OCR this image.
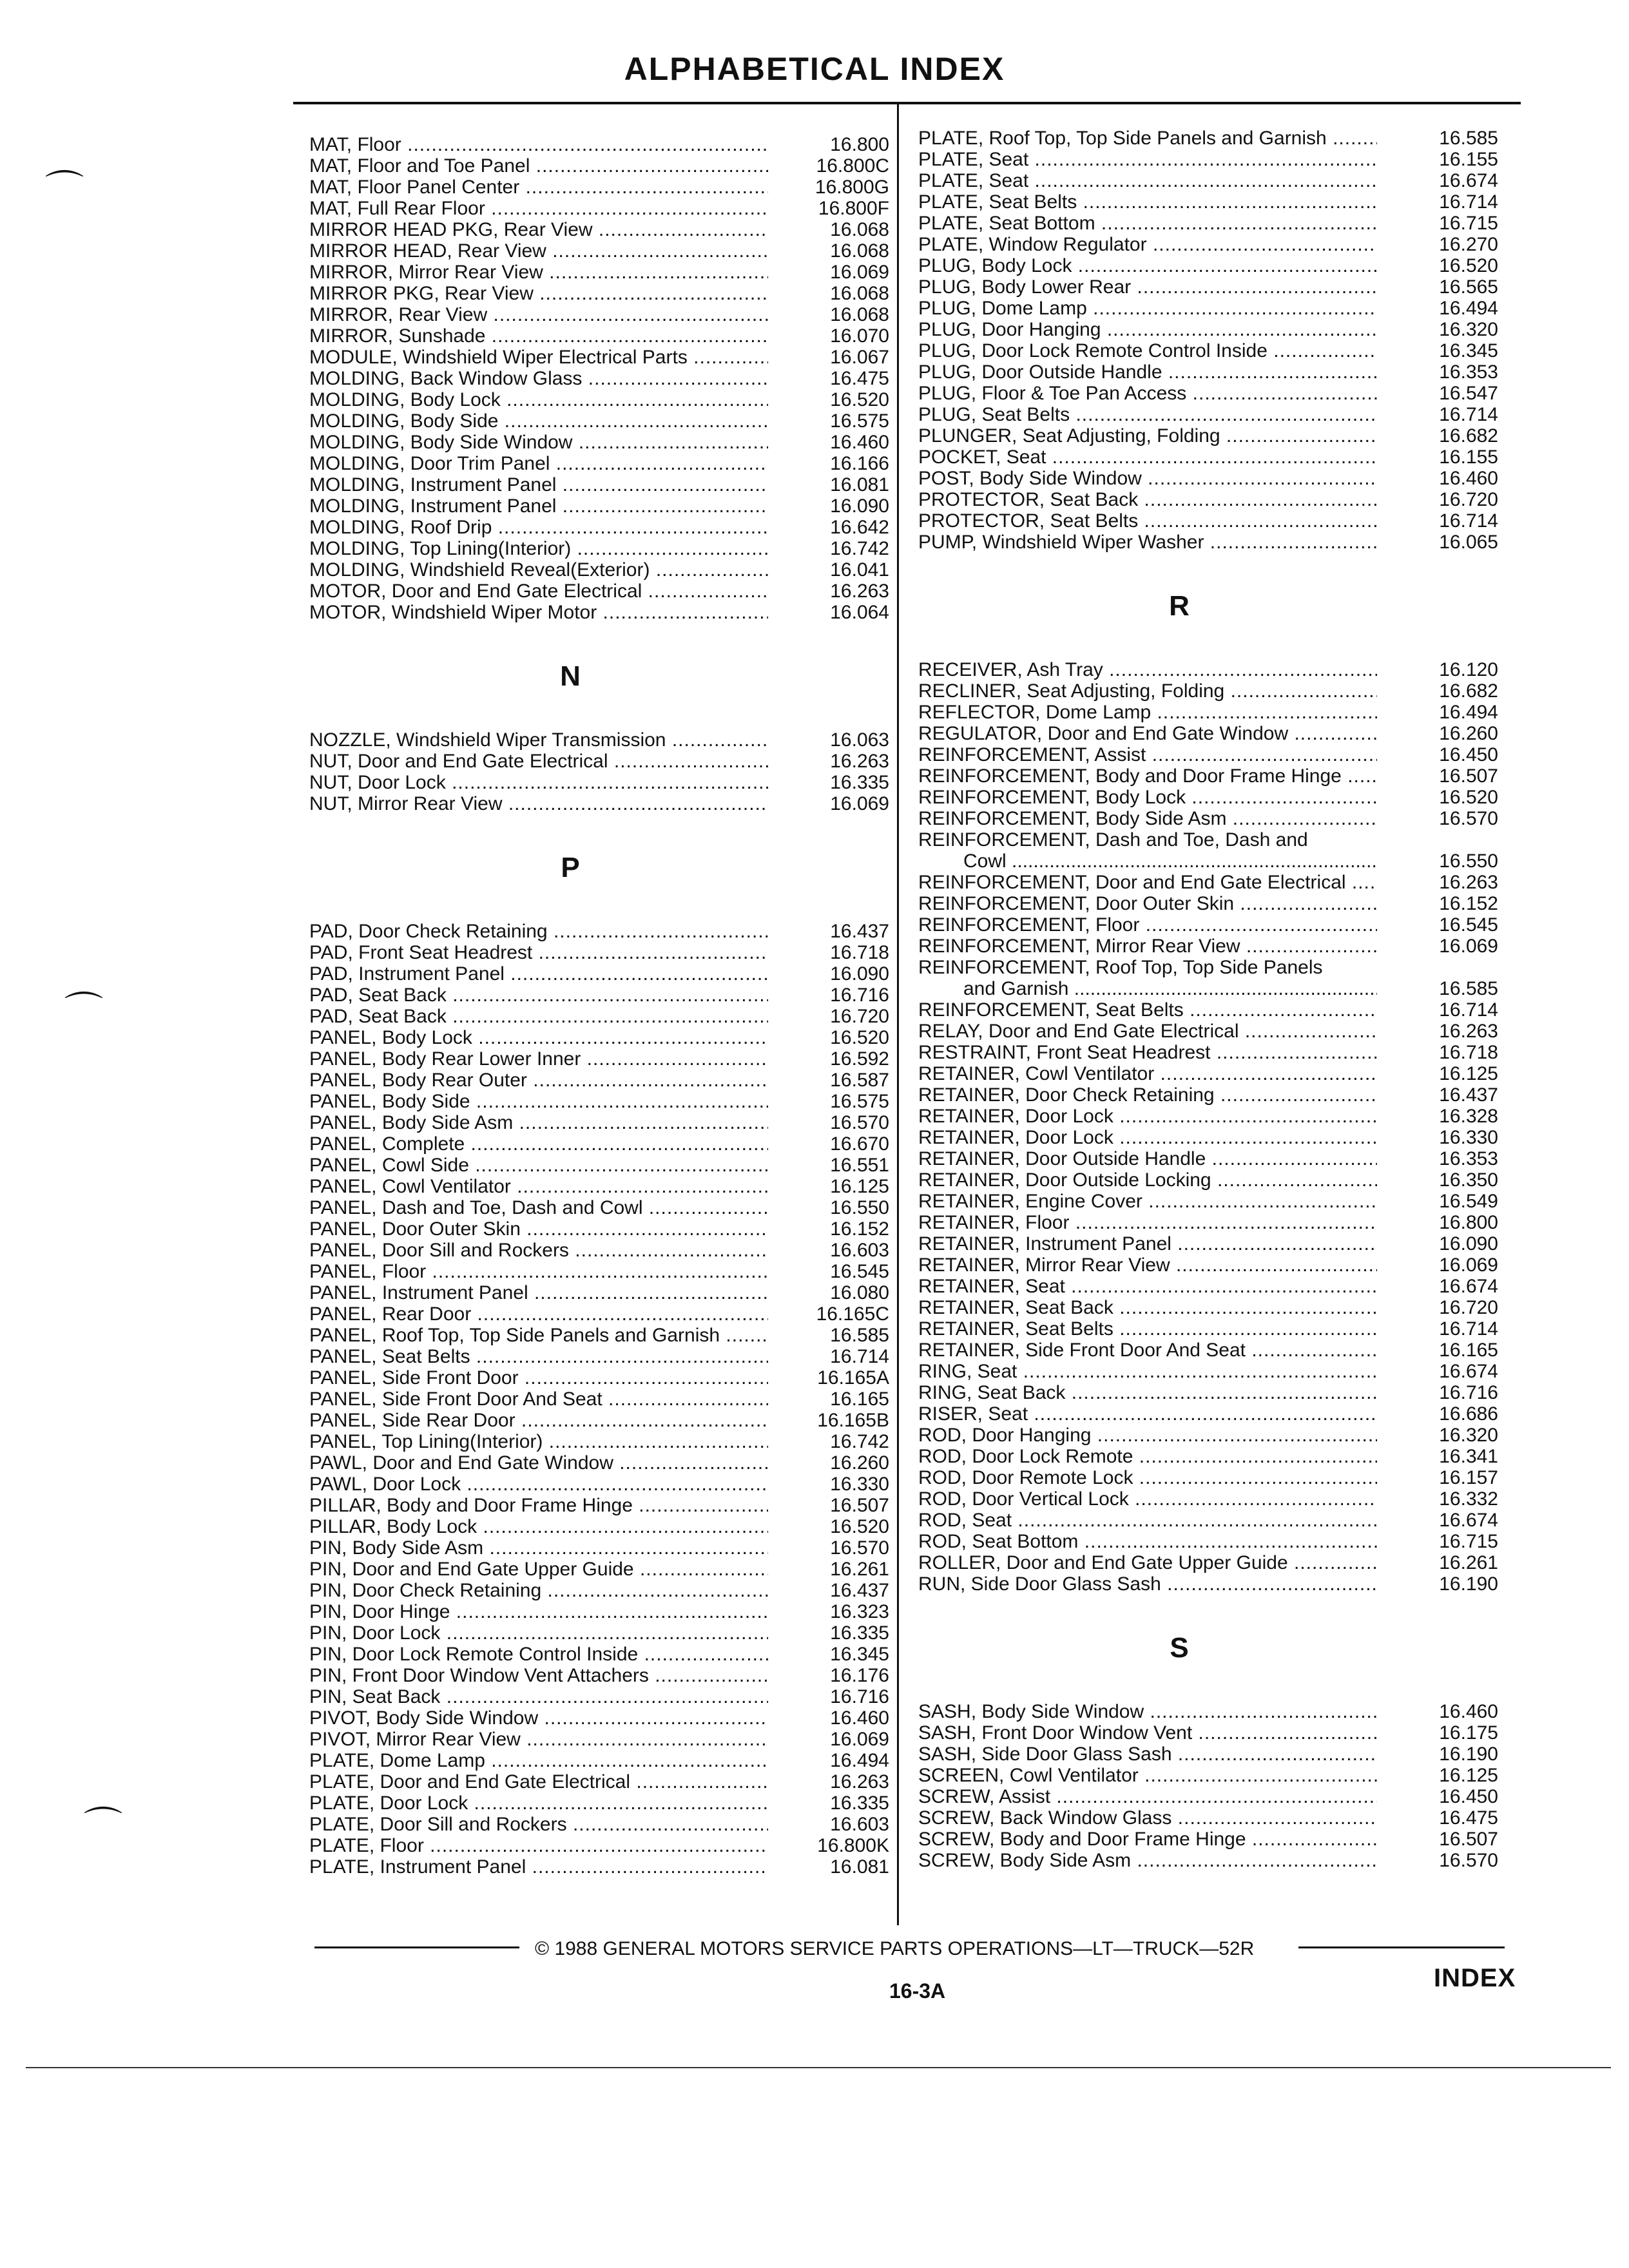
ALPHABETICAL INDEX
MAT, Floor .....	16.800
MAT, Floor and Toe Panel .....	16.800C
MAT, Floor Panel Center .....	16.800G
MAT, Full Rear Floor .....	16.800F
MIRROR HEAD PKG, Rear View .....	16.068
MIRROR HEAD, Rear View .....	16.068
MIRROR, Mirror Rear View .....	16.069
MIRROR PKG, Rear View .....	16.068
MIRROR, Rear View .....	16.068
MIRROR, Sunshade .....	16.070
MODULE, Windshield Wiper Electrical Parts .....	16.067
MOLDING, Back Window Glass .....	16.475
MOLDING, Body Lock .....	16.520
MOLDING, Body Side .....	16.575
MOLDING, Body Side Window .....	16.460
MOLDING, Door Trim Panel .....	16.166
MOLDING, Instrument Panel .....	16.081
MOLDING, Instrument Panel .....	16.090
MOLDING, Roof Drip .....	16.642
MOLDING, Top Lining(Interior) .....	16.742
MOLDING, Windshield Reveal(Exterior) .....	16.041
MOTOR, Door and End Gate Electrical .....	16.263
MOTOR, Windshield Wiper Motor .....	16.064
N
NOZZLE, Windshield Wiper Transmission .....	16.063
NUT, Door and End Gate Electrical .....	16.263
NUT, Door Lock .....	16.335
NUT, Mirror Rear View .....	16.069
P
PAD, Door Check Retaining .....	16.437
PAD, Front Seat Headrest .....	16.718
PAD, Instrument Panel .....	16.090
PAD, Seat Back .....	16.716
PAD, Seat Back .....	16.720
PANEL, Body Lock .....	16.520
PANEL, Body Rear Lower Inner .....	16.592
PANEL, Body Rear Outer .....	16.587
PANEL, Body Side .....	16.575
PANEL, Body Side Asm .....	16.570
PANEL, Complete .....	16.670
PANEL, Cowl Side .....	16.551
PANEL, Cowl Ventilator .....	16.125
PANEL, Dash and Toe, Dash and Cowl .....	16.550
PANEL, Door Outer Skin .....	16.152
PANEL, Door Sill and Rockers .....	16.603
PANEL, Floor .....	16.545
PANEL, Instrument Panel .....	16.080
PANEL, Rear Door .....	16.165C
PANEL, Roof Top, Top Side Panels and Garnish .....	16.585
PANEL, Seat Belts .....	16.714
PANEL, Side Front Door .....	16.165A
PANEL, Side Front Door And Seat .....	16.165
PANEL, Side Rear Door .....	16.165B
PANEL, Top Lining(Interior) .....	16.742
PAWL, Door and End Gate Window .....	16.260
PAWL, Door Lock .....	16.330
PILLAR, Body and Door Frame Hinge .....	16.507
PILLAR, Body Lock .....	16.520
PIN, Body Side Asm .....	16.570
PIN, Door and End Gate Upper Guide .....	16.261
PIN, Door Check Retaining .....	16.437
PIN, Door Hinge .....	16.323
PIN, Door Lock .....	16.335
PIN, Door Lock Remote Control Inside .....	16.345
PIN, Front Door Window Vent Attachers .....	16.176
PIN, Seat Back .....	16.716
PIVOT, Body Side Window .....	16.460
PIVOT, Mirror Rear View .....	16.069
PLATE, Dome Lamp .....	16.494
PLATE, Door and End Gate Electrical .....	16.263
PLATE, Door Lock .....	16.335
PLATE, Door Sill and Rockers .....	16.603
PLATE, Floor .....	16.800K
PLATE, Instrument Panel .....	16.081
PLATE, Roof Top, Top Side Panels and Garnish .....	16.585
PLATE, Seat .....	16.155
PLATE, Seat .....	16.674
PLATE, Seat Belts .....	16.714
PLATE, Seat Bottom .....	16.715
PLATE, Window Regulator .....	16.270
PLUG, Body Lock .....	16.520
PLUG, Body Lower Rear .....	16.565
PLUG, Dome Lamp .....	16.494
PLUG, Door Hanging .....	16.320
PLUG, Door Lock Remote Control Inside .....	16.345
PLUG, Door Outside Handle .....	16.353
PLUG, Floor & Toe Pan Access .....	16.547
PLUG, Seat Belts .....	16.714
PLUNGER, Seat Adjusting, Folding .....	16.682
POCKET, Seat .....	16.155
POST, Body Side Window .....	16.460
PROTECTOR, Seat Back .....	16.720
PROTECTOR, Seat Belts .....	16.714
PUMP, Windshield Wiper Washer .....	16.065
R
RECEIVER, Ash Tray .....	16.120
RECLINER, Seat Adjusting, Folding .....	16.682
REFLECTOR, Dome Lamp .....	16.494
REGULATOR, Door and End Gate Window .....	16.260
REINFORCEMENT, Assist .....	16.450
REINFORCEMENT, Body and Door Frame Hinge .....	16.507
REINFORCEMENT, Body Lock .....	16.520
REINFORCEMENT, Body Side Asm .....	16.570
REINFORCEMENT, Dash and Toe, Dash and
Cowl .....	16.550
REINFORCEMENT, Door and End Gate Electrical .....	16.263
REINFORCEMENT, Door Outer Skin .....	16.152
REINFORCEMENT, Floor .....	16.545
REINFORCEMENT, Mirror Rear View .....	16.069
REINFORCEMENT, Roof Top, Top Side Panels
and Garnish .....	16.585
REINFORCEMENT, Seat Belts .....	16.714
RELAY, Door and End Gate Electrical .....	16.263
RESTRAINT, Front Seat Headrest .....	16.718
RETAINER, Cowl Ventilator .....	16.125
RETAINER, Door Check Retaining .....	16.437
RETAINER, Door Lock .....	16.328
RETAINER, Door Lock .....	16.330
RETAINER, Door Outside Handle .....	16.353
RETAINER, Door Outside Locking .....	16.350
RETAINER, Engine Cover .....	16.549
RETAINER, Floor .....	16.800
RETAINER, Instrument Panel .....	16.090
RETAINER, Mirror Rear View .....	16.069
RETAINER, Seat .....	16.674
RETAINER, Seat Back .....	16.720
RETAINER, Seat Belts .....	16.714
RETAINER, Side Front Door And Seat .....	16.165
RING, Seat .....	16.674
RING, Seat Back .....	16.716
RISER, Seat .....	16.686
ROD, Door Hanging .....	16.320
ROD, Door Lock Remote .....	16.341
ROD, Door Remote Lock .....	16.157
ROD, Door Vertical Lock .....	16.332
ROD, Seat .....	16.674
ROD, Seat Bottom .....	16.715
ROLLER, Door and End Gate Upper Guide .....	16.261
RUN, Side Door Glass Sash .....	16.190
S
SASH, Body Side Window .....	16.460
SASH, Front Door Window Vent .....	16.175
SASH, Side Door Glass Sash .....	16.190
SCREEN, Cowl Ventilator .....	16.125
SCREW, Assist .....	16.450
SCREW, Back Window Glass .....	16.475
SCREW, Body and Door Frame Hinge .....	16.507
SCREW, Body Side Asm .....	16.570
© 1988 GENERAL MOTORS SERVICE PARTS OPERATIONS—LT—TRUCK—52R
16-3A	INDEX
⌒
⌒
⌒
